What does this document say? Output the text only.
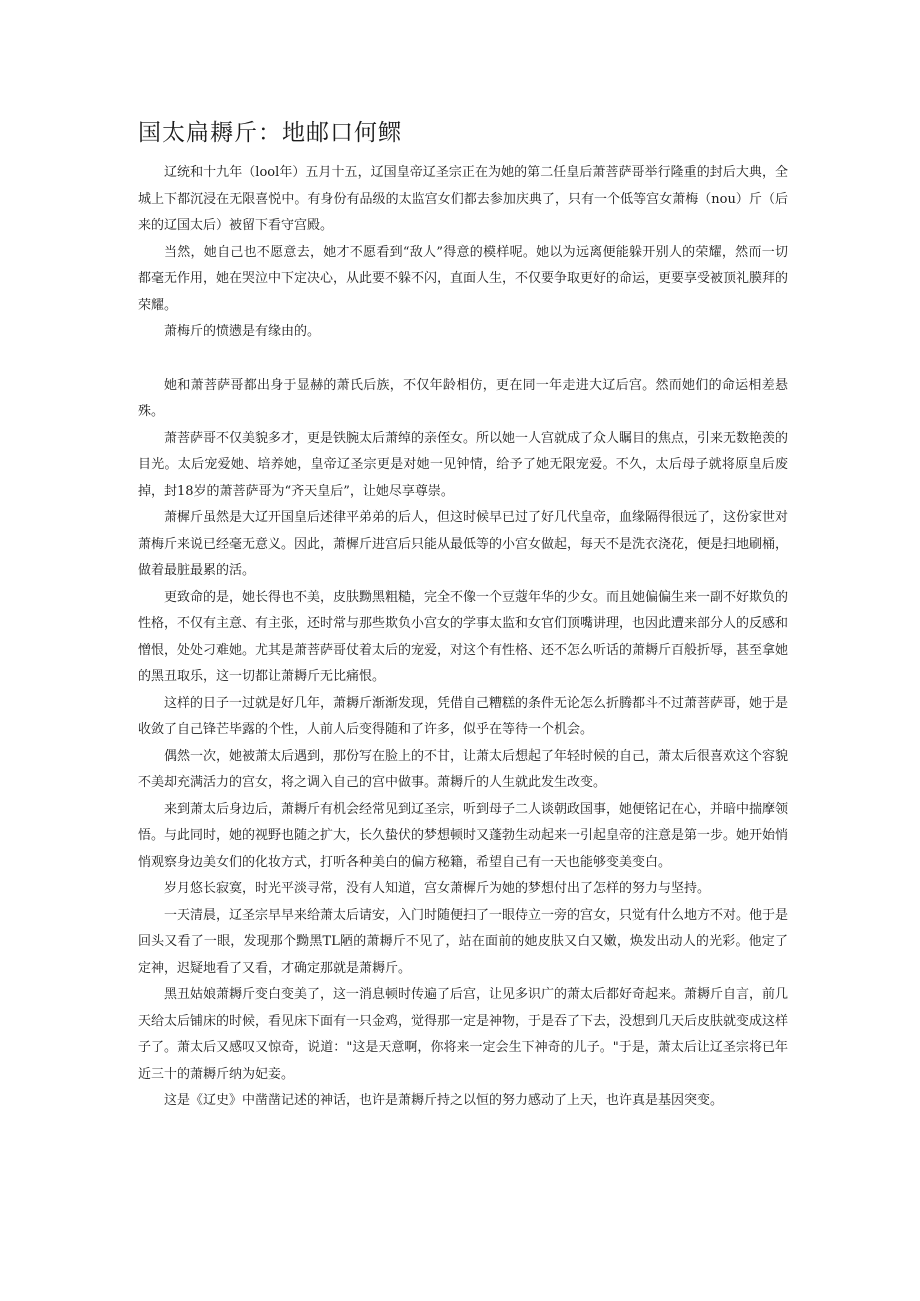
国太扁耨斤：地邮口何鳏

辽统和十九年（lool年）五月十五，辽国皇帝辽圣宗正在为她的第二任皇后萧菩萨哥举行隆重的封后大典，全城上下都沉浸在无限喜悦中。有身份有品级的太监宫女们都去参加庆典了，只有一个低等宫女萧梅（nou）斤（后来的辽国太后）被留下看守宫殿。

当然，她自己也不愿意去，她才不愿看到“敌人”得意的模样呢。她以为远离便能躲开别人的荣耀，然而一切都毫无作用，她在哭泣中下定决心，从此要不躲不闪，直面人生，不仅要争取更好的命运，更要享受被顶礼膜拜的荣耀。

萧梅斤的愤懑是有缘由的。

她和萧菩萨哥都出身于显赫的萧氏后族，不仅年龄相仿，更在同一年走进大辽后宫。然而她们的命运相差悬殊。

萧菩萨哥不仅美貌多才，更是铁腕太后萧绰的亲侄女。所以她一人宫就成了众人瞩目的焦点，引来无数艳羡的目光。太后宠爱她、培养她，皇帝辽圣宗更是对她一见钟情，给予了她无限宠爱。不久，太后母子就将原皇后废掉，封18岁的萧菩萨哥为“齐天皇后”，让她尽享尊崇。

萧樨斤虽然是大辽开国皇后述律平弟弟的后人，但这时候早已过了好几代皇帝，血缘隔得很远了，这份家世对萧梅斤来说已经毫无意义。因此，萧樨斤进宫后只能从最低等的小宫女做起，每天不是洗衣浇花，便是扫地刷桶，做着最脏最累的活。

更致命的是，她长得也不美，皮肤黝黑粗糙，完全不像一个豆蔻年华的少女。而且她偏偏生来一副不好欺负的性格，不仅有主意、有主张，还时常与那些欺负小宫女的学事太监和女官们顶嘴讲理，也因此遭来部分人的反感和憎恨，处处刁难她。尤其是萧菩萨哥仗着太后的宠爱，对这个有性格、还不怎么听话的萧耨斤百般折辱，甚至拿她的黑丑取乐，这一切都让萧耨斤无比痛恨。

这样的日子一过就是好几年，萧耨斤渐渐发现，凭借自己糟糕的条件无论怎么折腾都斗不过萧菩萨哥，她于是收敛了自己锋芒毕露的个性，人前人后变得随和了许多，似乎在等待一个机会。

偶然一次，她被萧太后遇到，那份写在脸上的不甘，让萧太后想起了年轻时候的自己，萧太后很喜欢这个容貌不美却充满活力的宫女，将之调入自己的宫中做事。萧耨斤的人生就此发生改变。

来到萧太后身边后，萧耨斤有机会经常见到辽圣宗，听到母子二人谈朝政国事，她便铭记在心，并暗中揣摩领悟。与此同时，她的视野也随之扩大，长久蛰伏的梦想顿时又蓬勃生动起来一引起皇帝的注意是第一步。她开始悄悄观察身边美女们的化妆方式，打听各种美白的偏方秘籍，希望自己有一天也能够变美变白。

岁月悠长寂寞，时光平淡寻常，没有人知道，宫女萧樨斤为她的梦想付出了怎样的努力与坚持。

一天清晨，辽圣宗早早来给萧太后请安，入门时随便扫了一眼侍立一旁的宫女，只觉有什么地方不对。他于是回头又看了一眼，发现那个黝黑TL陋的萧耨斤不见了，站在面前的她皮肤又白又嫩，焕发出动人的光彩。他定了定神，迟疑地看了又看，才确定那就是萧耨斤。

黑丑姑娘萧耨斤变白变美了，这一消息顿时传遍了后宫，让见多识广的萧太后都好奇起来。萧耨斤自言，前几天给太后铺床的时候，看见床下面有一只金鸡，觉得那一定是神物，于是吞了下去，没想到几天后皮肤就变成这样子了。萧太后又感叹又惊奇，说道："这是天意啊，你将来一定会生下神奇的儿子。"于是，萧太后让辽圣宗将已年近三十的萧耨斤纳为妃妾。

这是《辽史》中凿凿记述的神话，也许是萧耨斤持之以恒的努力感动了上天，也许真是基因突变。
